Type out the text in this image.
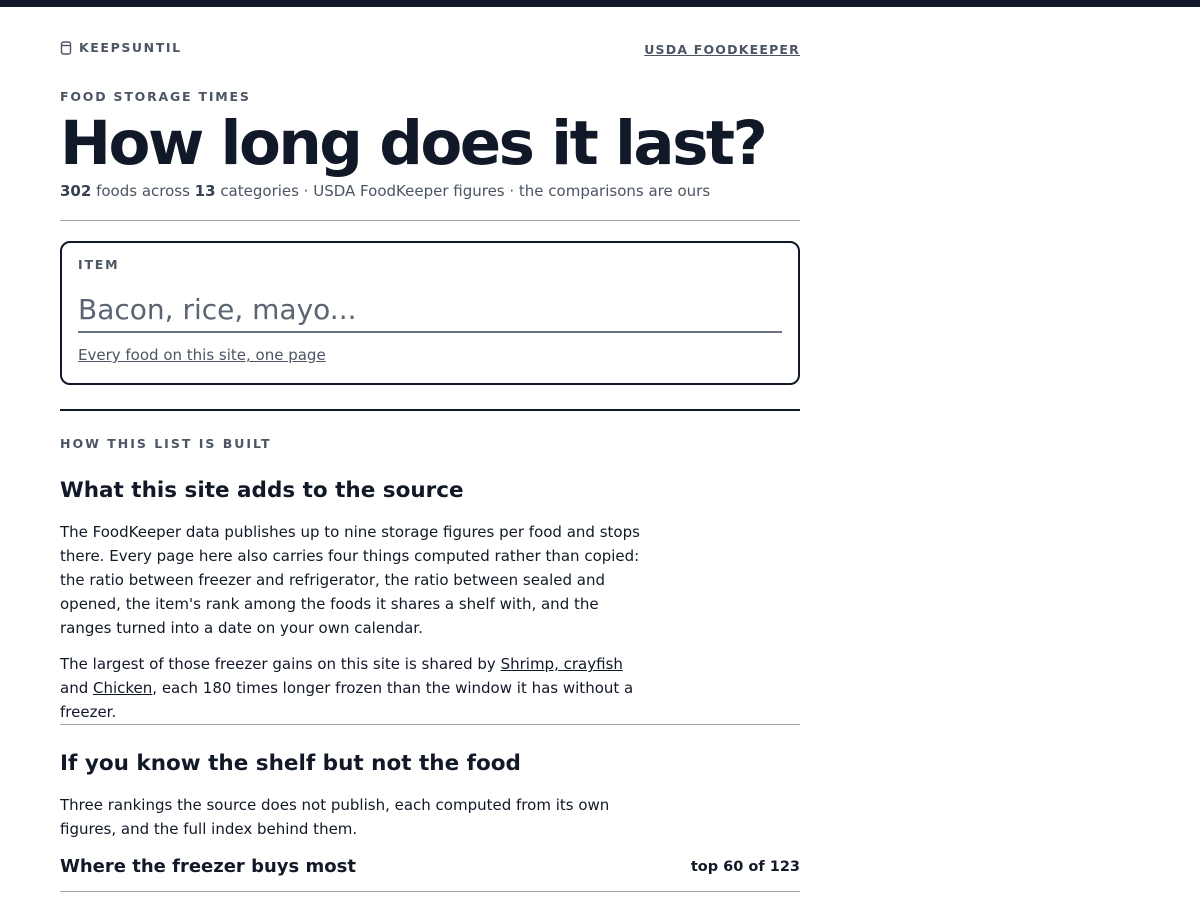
KEEPSUNTIL	USDA FOODKEEPER
FOOD STORAGE TIMES
How long does it last?
302 foods across 13 categories · USDA FoodKeeper figures · the comparisons are ours
ITEM
Bacon, rice, mayo...
Every food on this site, one page
HOW THIS LIST IS BUILT
What this site adds to the source

The FoodKeeper data publishes up to nine storage figures per food and stops there. Every page here also carries four things computed rather than copied: the ratio between freezer and refrigerator, the ratio between sealed and opened, the item's rank among the foods it shares a shelf with, and the ranges turned into a date on your own calendar.

The largest of those freezer gains on this site is shared by Shrimp, crayfish and Chicken, each 180 times longer frozen than the window it has without a freezer.

If you know the shelf but not the food

Three rankings the source does not publish, each computed from its own figures, and the full index behind them.

Where the freezer buys most	top 60 of 123
